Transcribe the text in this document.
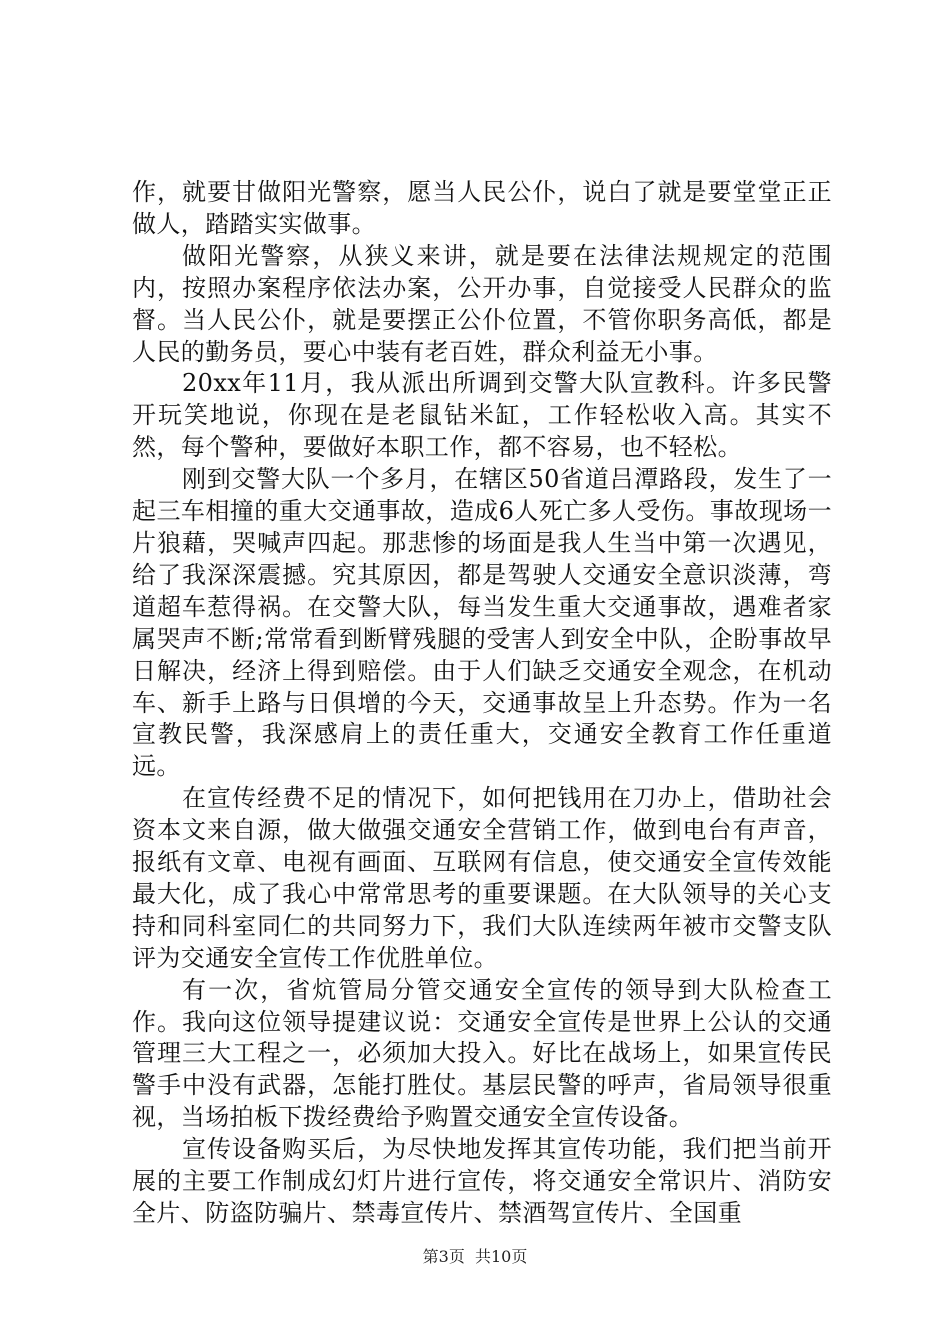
作，就要甘做阳光警察，愿当人民公仆，说白了就是要堂堂正正做人，踏踏实实做事。

做阳光警察，从狭义来讲，就是要在法律法规规定的范围内，按照办案程序依法办案，公开办事，自觉接受人民群众的监督。当人民公仆，就是要摆正公仆位置，不管你职务高低，都是人民的勤务员，要心中装有老百姓，群众利益无小事。

20xx年11月，我从派出所调到交警大队宣教科。许多民警开玩笑地说，你现在是老鼠钻米缸，工作轻松收入高。其实不然，每个警种，要做好本职工作，都不容易，也不轻松。

刚到交警大队一个多月，在辖区50省道吕潭路段，发生了一起三车相撞的重大交通事故，造成6人死亡多人受伤。事故现场一片狼藉，哭喊声四起。那悲惨的场面是我人生当中第一次遇见，给了我深深震撼。究其原因，都是驾驶人交通安全意识淡薄，弯道超车惹得祸。在交警大队，每当发生重大交通事故，遇难者家属哭声不断;常常看到断臂残腿的受害人到安全中队，企盼事故早日解决，经济上得到赔偿。由于人们缺乏交通安全观念，在机动车、新手上路与日俱增的今天，交通事故呈上升态势。作为一名宣教民警，我深感肩上的责任重大，交通安全教育工作任重道远。

在宣传经费不足的情况下，如何把钱用在刀办上，借助社会资本文来自源，做大做强交通安全营销工作，做到电台有声音，报纸有文章、电视有画面、互联网有信息，使交通安全宣传效能最大化，成了我心中常常思考的重要课题。在大队领导的关心支持和同科室同仁的共同努力下，我们大队连续两年被市交警支队评为交通安全宣传工作优胜单位。

有一次，省炕管局分管交通安全宣传的领导到大队检查工作。我向这位领导提建议说：交通安全宣传是世界上公认的交通管理三大工程之一，必须加大投入。好比在战场上，如果宣传民警手中没有武器，怎能打胜仗。基层民警的呼声，省局领导很重视，当场拍板下拨经费给予购置交通安全宣传设备。

宣传设备购买后，为尽快地发挥其宣传功能，我们把当前开展的主要工作制成幻灯片进行宣传，将交通安全常识片、消防安全片、防盗防骗片、禁毒宣传片、禁酒驾宣传片、全国重

第3页  共10页
